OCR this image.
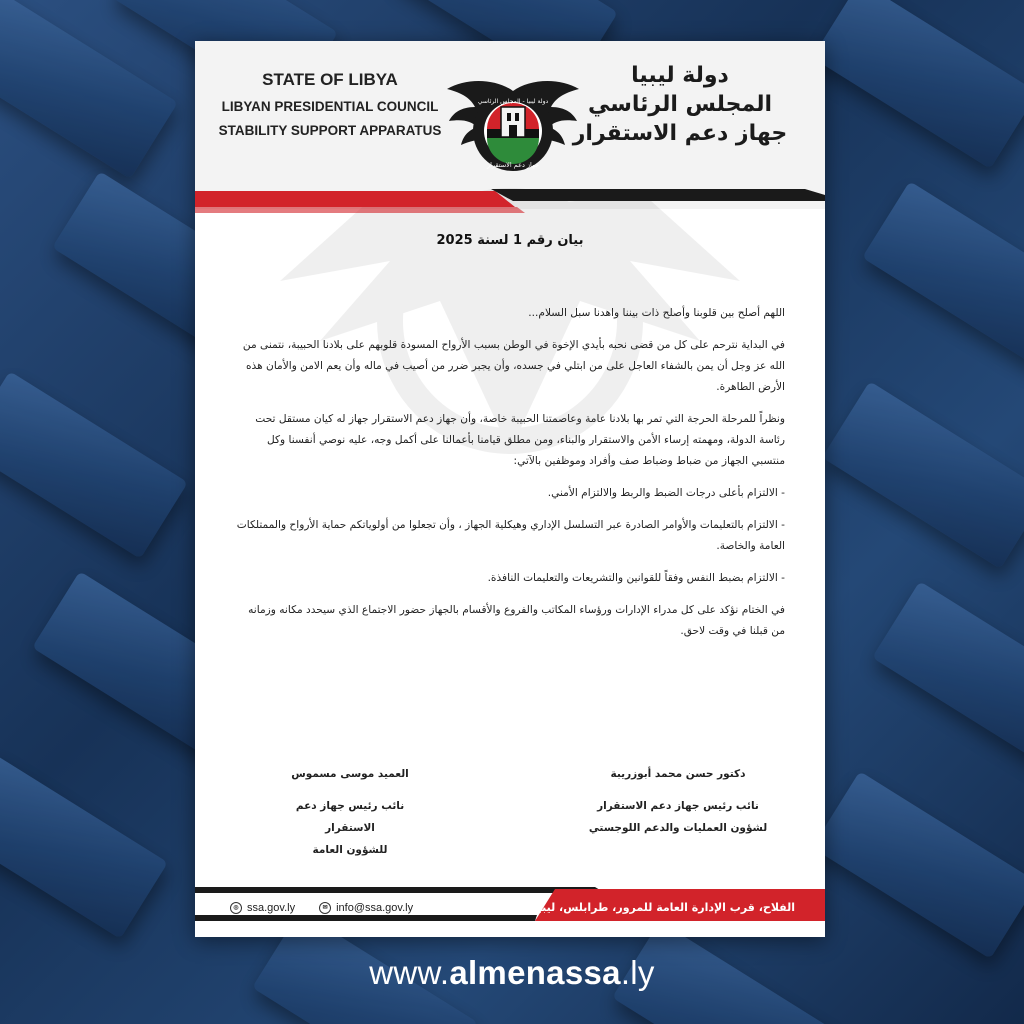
STATE OF LIBYA
LIBYAN PRESIDENTIAL COUNCIL
STABILITY SUPPORT APPARATUS
دولة ليبيا - المجلس الرئاسي
جهاز دعم الاستقرار
دولة ليبيا
المجلس الرئاسي
جهاز دعم الاستقرار
بيان رقم 1 لسنة 2025

اللهم أصلح بين قلوبنا وأصلح ذات بيننا واهدنا سبل السلام...

في البداية نترحم على كل من قضى نحبه بأيدي الإخوة في الوطن بسبب الأرواح المسودة قلوبهم على بلادنا الحبيبة، نتمنى من الله عز وجل أن يمن بالشفاء العاجل على من ابتلي في جسده، وأن يجبر ضرر من أصيب في ماله وأن يعم الامن والأمان هذه الأرض الطاهرة.

ونظراً للمرحلة الحرجة التي تمر بها بلادنا عامة وعاصمتنا الحبيبة خاصة، وأن جهاز دعم الاستقرار جهاز له كيان مستقل تحت رئاسة الدولة، ومهمته إرساء الأمن والاستقرار والبناء، ومن مطلق قيامنا بأعمالنا على أكمل وجه، عليه نوصي أنفسنا وكل منتسبي الجهاز من ضباط وضباط صف وأفراد وموظفين بالآتي:

- الالتزام بأعلى درجات الضبط والربط والالتزام الأمني.

- الالتزام بالتعليمات والأوامر الصادرة عبر التسلسل الإداري وهيكلية الجهاز ، وأن تجعلوا من أولوياتكم حماية الأرواح والممتلكات العامة والخاصة.

- الالتزام بضبط النفس وفقاً للقوانين والتشريعات والتعليمات النافذة.

في الختام نؤكد على كل مدراء الإدارات ورؤساء المكاتب والفروع والأقسام بالجهاز حضور الاجتماع الذي سيحدد مكانه وزمانه من قبلنا في وقت لاحق.

دكتور حسن محمد أبوزريبة
نائب رئيس جهاز دعم الاستقرار
لشؤون العمليات والدعم اللوجستي
العميد موسى مسموس
نائب رئيس جهاز دعم الاستقرار
للشؤون العامة
◎ ssa.gov.ly	✉ info@ssa.gov.ly	الفلاح، قرب الإدارة العامة للمرور، طرابلس، ليبيا
www.almenassa.ly
